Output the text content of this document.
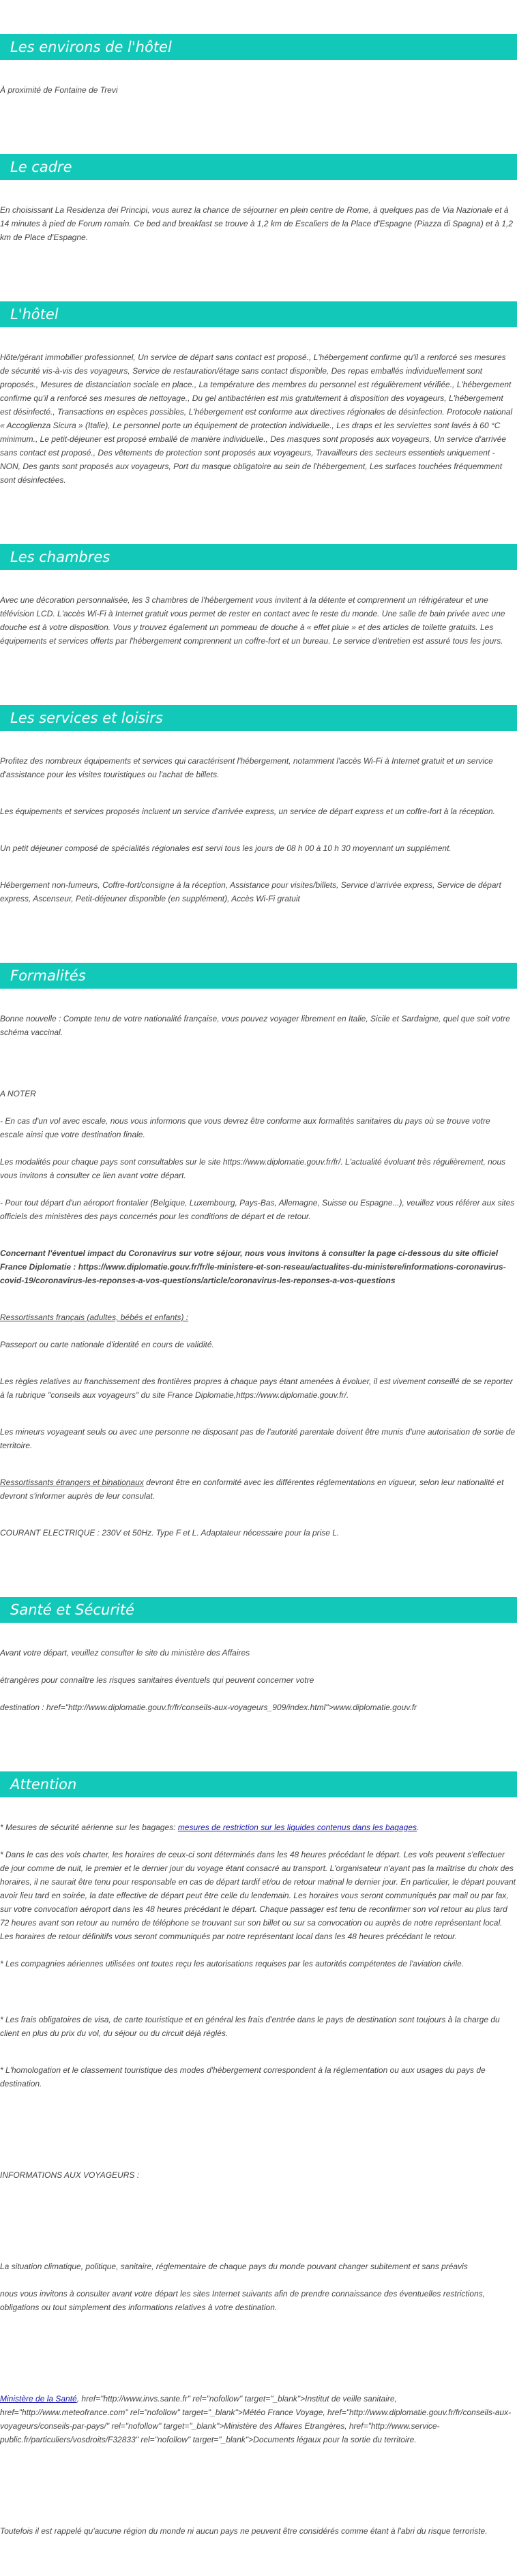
Les environs de l'hôtel

À proximité de Fontaine de Trevi

Le cadre

En choisissant La Residenza dei Principi, vous aurez la chance de séjourner en plein centre de Rome, à quelques pas de Via Nazionale et à 14 minutes à pied de Forum romain. Ce bed and breakfast se trouve à 1,2 km de Escaliers de la Place d'Espagne (Piazza di Spagna) et à 1,2 km de Place d'Espagne.

L'hôtel

Hôte/gérant immobilier professionnel, Un service de départ sans contact est proposé., L'hébergement confirme qu'il a renforcé ses mesures de sécurité vis-à-vis des voyageurs, Service de restauration/étage sans contact disponible, Des repas emballés individuellement sont proposés., Mesures de distanciation sociale en place., La température des membres du personnel est régulièrement vérifiée., L'hébergement confirme qu'il a renforcé ses mesures de nettoyage., Du gel antibactérien est mis gratuitement à disposition des voyageurs, L'hébergement est désinfecté., Transactions en espèces possibles, L'hébergement est conforme aux directives régionales de désinfection. Protocole national « Accoglienza Sicura » (Italie), Le personnel porte un équipement de protection individuelle., Les draps et les serviettes sont lavés à 60 °C minimum., Le petit-déjeuner est proposé emballé de manière individuelle., Des masques sont proposés aux voyageurs, Un service d'arrivée sans contact est proposé., Des vêtements de protection sont proposés aux voyageurs, Travailleurs des secteurs essentiels uniquement - NON, Des gants sont proposés aux voyageurs, Port du masque obligatoire au sein de l'hébergement, Les surfaces touchées fréquemment sont désinfectées.

Les chambres

Avec une décoration personnalisée, les 3 chambres de l'hébergement vous invitent à la détente et comprennent un réfrigérateur et une télévision LCD. L'accès Wi-Fi à Internet gratuit vous permet de rester en contact avec le reste du monde. Une salle de bain privée avec une douche est à votre disposition. Vous y trouvez également un pommeau de douche à « effet pluie » et des articles de toilette gratuits. Les équipements et services offerts par l'hébergement comprennent un coffre-fort et un bureau. Le service d'entretien est assuré tous les jours.

Les services et loisirs

Profitez des nombreux équipements et services qui caractérisent l'hébergement, notamment l'accès Wi-Fi à Internet gratuit et un service d'assistance pour les visites touristiques ou l'achat de billets.

Les équipements et services proposés incluent un service d'arrivée express, un service de départ express et un coffre-fort à la réception.

Un petit déjeuner composé de spécialités régionales est servi tous les jours de 08 h 00 à 10 h 30 moyennant un supplément.

Hébergement non-fumeurs, Coffre-fort/consigne à la réception, Assistance pour visites/billets, Service d'arrivée express, Service de départ express, Ascenseur, Petit-déjeuner disponible (en supplément), Accès Wi-Fi gratuit

Formalités

Bonne nouvelle : Compte tenu de votre nationalité française, vous pouvez voyager librement en Italie, Sicile et Sardaigne, quel que soit votre schéma vaccinal.

A NOTER

- En cas d'un vol avec escale, nous vous informons que vous devrez être conforme aux formalités sanitaires du pays où se trouve votre escale ainsi que votre destination finale.

Les modalités pour chaque pays sont consultables sur le site https://www.diplomatie.gouv.fr/fr/. L'actualité évoluant très régulièrement, nous vous invitons à consulter ce lien avant votre départ.

- Pour tout départ d'un aéroport frontalier (Belgique, Luxembourg, Pays-Bas, Allemagne, Suisse ou Espagne...), veuillez vous référer aux sites officiels des ministères des pays concernés pour les conditions de départ et de retour.

Concernant l'éventuel impact du Coronavirus sur votre séjour, nous vous invitons à consulter la page ci-dessous du site officiel France Diplomatie : https://www.diplomatie.gouv.fr/fr/le-ministere-et-son-reseau/actualites-du-ministere/informations-coronavirus-covid-19/coronavirus-les-reponses-a-vos-questions/article/coronavirus-les-reponses-a-vos-questions

Ressortissants français (adultes, bébés et enfants) :

Passeport ou carte nationale d'identité en cours de validité.

Les règles relatives au franchissement des frontières propres à chaque pays étant amenées à évoluer, il est vivement conseillé de se reporter à la rubrique "conseils aux voyageurs" du site France Diplomatie,https://www.diplomatie.gouv.fr/.

Les mineurs voyageant seuls ou avec une personne ne disposant pas de l'autorité parentale doivent être munis d'une autorisation de sortie de territoire.

Ressortissants étrangers et binationaux devront être en conformité avec les différentes réglementations en vigueur, selon leur nationalité et devront s'informer auprès de leur consulat.

COURANT ELECTRIQUE : 230V et 50Hz. Type F et L. Adaptateur nécessaire pour la prise L.

Santé et Sécurité

Avant votre départ, veuillez consulter le site du ministère des Affaires

étrangères pour connaître les risques sanitaires éventuels qui peuvent concerner votre

destination : href="http://www.diplomatie.gouv.fr/fr/conseils-aux-voyageurs_909/index.html">www.diplomatie.gouv.fr

Attention

* Mesures de sécurité aérienne sur les bagages: mesures de restriction sur les liquides contenus dans les bagages.

* Dans le cas des vols charter, les horaires de ceux-ci sont déterminés dans les 48 heures précédant le départ. Les vols peuvent s'effectuer de jour comme de nuit, le premier et le dernier jour du voyage étant consacré au transport. L'organisateur n'ayant pas la maîtrise du choix des horaires, il ne saurait être tenu pour responsable en cas de départ tardif et/ou de retour matinal le dernier jour. En particulier, le départ pouvant avoir lieu tard en soirée, la date effective de départ peut être celle du lendemain. Les horaires vous seront communiqués par mail ou par fax, sur votre convocation aéroport dans les 48 heures précédant le départ. Chaque passager est tenu de reconfirmer son vol retour au plus tard 72 heures avant son retour au numéro de téléphone se trouvant sur son billet ou sur sa convocation ou auprès de notre représentant local. Les horaires de retour définitifs vous seront communiqués par notre représentant local dans les 48 heures précédant le retour.

* Les compagnies aériennes utilisées ont toutes reçu les autorisations requises par les autorités compétentes de l'aviation civile.

* Les frais obligatoires de visa, de carte touristique et en général les frais d'entrée dans le pays de destination sont toujours à la charge du client en plus du prix du vol, du séjour ou du circuit déjà réglés.

* L'homologation et le classement touristique des modes d'hébergement correspondent à la réglementation ou aux usages du pays de destination.

INFORMATIONS AUX VOYAGEURS :

La situation climatique, politique, sanitaire, réglementaire de chaque pays du monde pouvant changer subitement et sans préavis

nous vous invitons à consulter avant votre départ les sites Internet suivants afin de prendre connaissance des éventuelles restrictions, obligations ou tout simplement des informations relatives à votre destination.

Ministère de la Santé, href="http://www.invs.sante.fr" rel="nofollow" target="_blank">Institut de veille sanitaire, href="http://www.meteofrance.com" rel="nofollow" target="_blank">Météo France Voyage, href="http://www.diplomatie.gouv.fr/fr/conseils-aux-voyageurs/conseils-par-pays/" rel="nofollow" target="_blank">Ministère des Affaires Etrangères, href="http://www.service-public.fr/particuliers/vosdroits/F32833" rel="nofollow" target="_blank">Documents légaux pour la sortie du territoire.

Toutefois il est rappelé qu'aucune région du monde ni aucun pays ne peuvent être considérés comme étant à l'abri du risque terroriste.
